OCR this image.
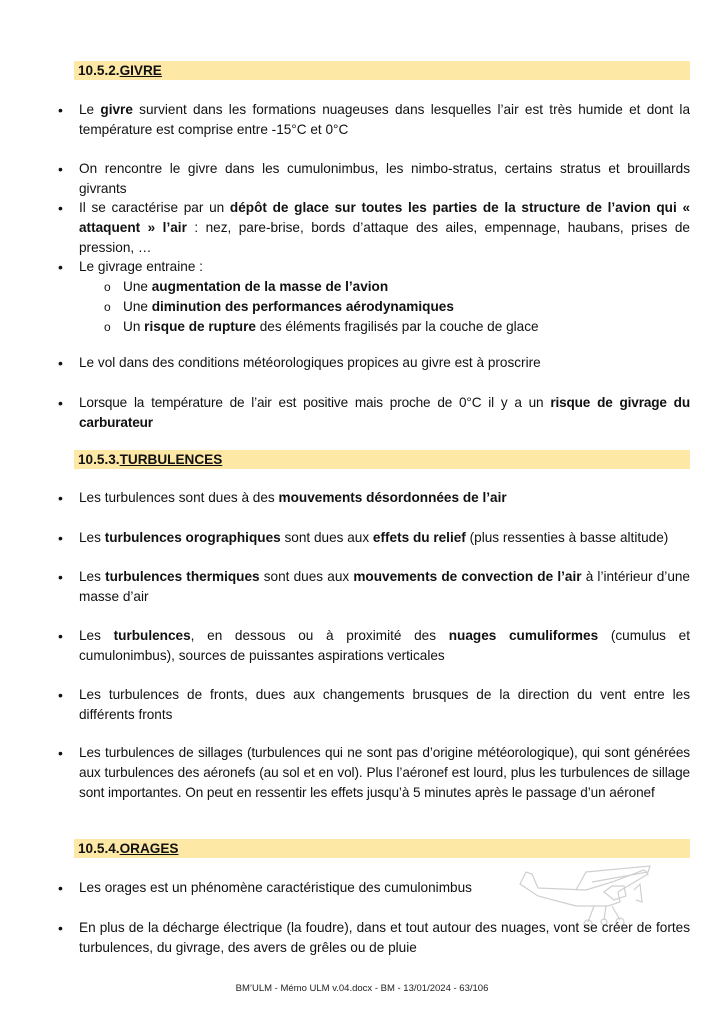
10.5.2.GIVRE
•	Le givre survient dans les formations nuageuses dans lesquelles l’air est très humide et dont la température est comprise entre -15°C et 0°C
•	On rencontre le givre dans les cumulonimbus, les nimbo-stratus, certains stratus et brouillards givrants
•	Il se caractérise par un dépôt de glace sur toutes les parties de la structure de l’avion qui « attaquent » l’air : nez, pare-brise, bords d’attaque des ailes, empennage, haubans, prises de pression, …
•	Le givrage entraine :
o Une augmentation de la masse de l’avion
o Une diminution des performances aérodynamiques
o Un risque de rupture des éléments fragilisés par la couche de glace
•	Le vol dans des conditions météorologiques propices au givre est à proscrire
•	Lorsque la température de l’air est positive mais proche de 0°C il y a un risque de givrage du carburateur
10.5.3.TURBULENCES
•	Les turbulences sont dues à des mouvements désordonnées de l’air
•	Les turbulences orographiques sont dues aux effets du relief (plus ressenties à basse altitude)
•	Les turbulences thermiques sont dues aux mouvements de convection de l’air à l’intérieur d’une masse d’air
•	Les turbulences, en dessous ou à proximité des nuages cumuliformes (cumulus et cumulonimbus), sources de puissantes aspirations verticales
•	Les turbulences de fronts, dues aux changements brusques de la direction du vent entre les différents fronts
•	Les turbulences de sillages (turbulences qui ne sont pas d’origine météorologique), qui sont générées aux turbulences des aéronefs (au sol et en vol). Plus l’aéronef est lourd, plus les turbulences de sillage sont importantes. On peut en ressentir les effets jusqu’à 5 minutes après le passage d’un aéronef
10.5.4.ORAGES
•	Les orages est un phénomène caractéristique des cumulonimbus
•	En plus de la décharge électrique (la foudre), dans et tout autour des nuages, vont se créer de fortes turbulences, du givrage, des avers de grêles ou de pluie
BM’ULM - Mémo ULM v.04.docx - BM - 13/01/2024 - 63/106
